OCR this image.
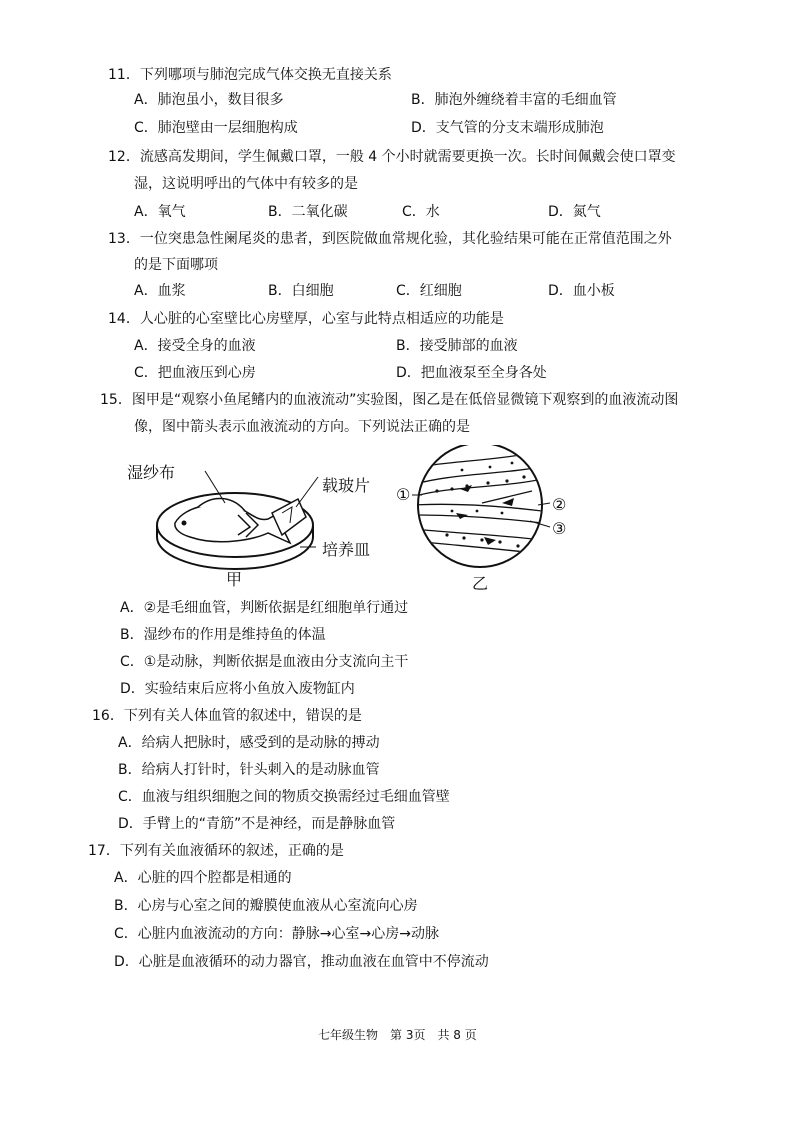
11．下列哪项与肺泡完成气体交换无直接关系
A．肺泡虽小，数目很多	B．肺泡外缠绕着丰富的毛细血管
C．肺泡壁由一层细胞构成	D．支气管的分支末端形成肺泡
12．流感高发期间，学生佩戴口罩，一般 4 个小时就需要更换一次。长时间佩戴会使口罩变
湿，这说明呼出的气体中有较多的是
A．氧气	B．二氧化碳	C．水	D．氮气
13．一位突患急性阑尾炎的患者，到医院做血常规化验，其化验结果可能在正常值范围之外
的是下面哪项
A．血浆	B．白细胞	C．红细胞	D．血小板
14．人心脏的心室壁比心房壁厚，心室与此特点相适应的功能是
A．接受全身的血液	B．接受肺部的血液
C．把血液压到心房	D．把血液泵至全身各处
15．图甲是“观察小鱼尾鳍内的血液流动”实验图，图乙是在低倍显微镜下观察到的血液流动图
像，图中箭头表示血液流动的方向。下列说法正确的是
湿纱布
载玻片
培养皿
甲
①
②
③
乙
A．②是毛细血管，判断依据是红细胞单行通过
B．湿纱布的作用是维持鱼的体温
C．①是动脉，判断依据是血液由分支流向主干
D．实验结束后应将小鱼放入废物缸内
16．下列有关人体血管的叙述中，错误的是
A．给病人把脉时，感受到的是动脉的搏动
B．给病人打针时，针头刺入的是动脉血管
C．血液与组织细胞之间的物质交换需经过毛细血管壁
D．手臂上的“青筋”不是神经，而是静脉血管
17．下列有关血液循环的叙述，正确的是
A．心脏的四个腔都是相通的
B．心房与心室之间的瓣膜使血液从心室流向心房
C．心脏内血液流动的方向：静脉→心室→心房→动脉
D．心脏是血液循环的动力器官，推动血液在血管中不停流动
七年级生物　第 3页　共 8 页
